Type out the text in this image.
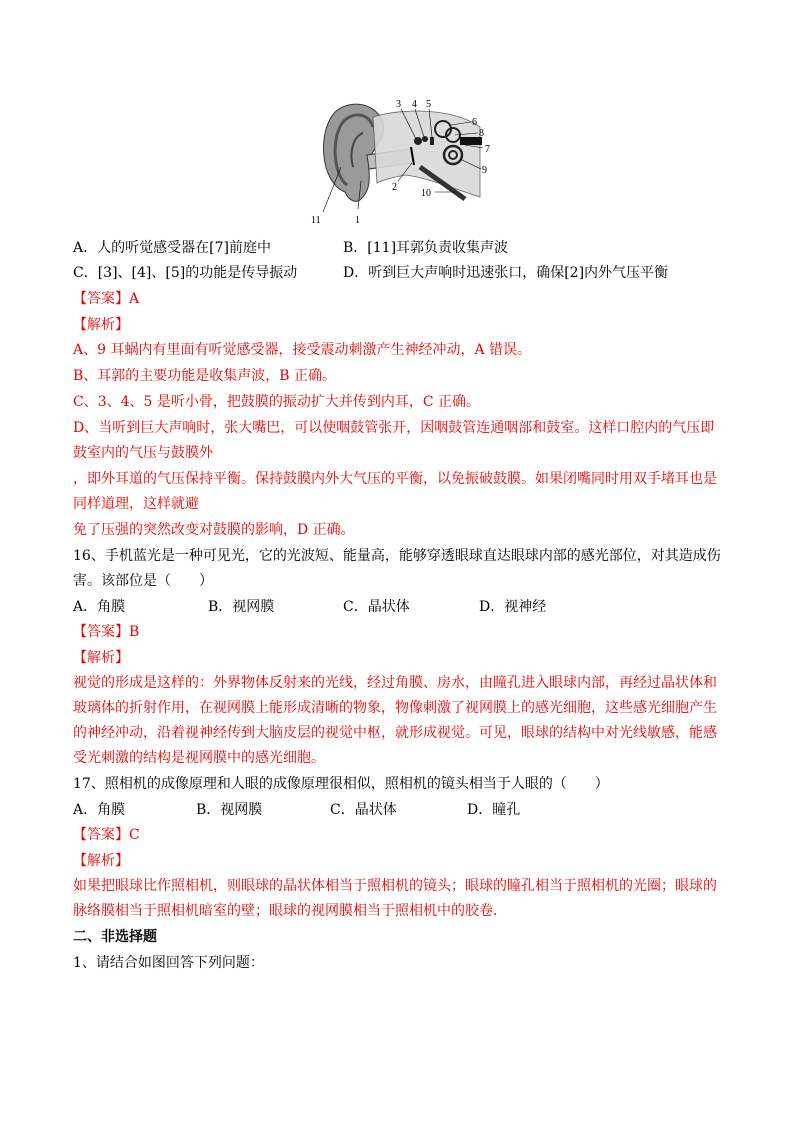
3 4 5
6
8
7
9
2
10
11	1
A．人的听觉感受器在[7]前庭中	B．[11]耳郭负责收集声波
C．[3]、[4]、[5]的功能是传导振动	D．听到巨大声响时迅速张口，确保[2]内外气压平衡
【答案】A
【解析】
A、9 耳蜗内有里面有听觉感受器，接受震动刺激产生神经冲动，A 错误。
B、耳郭的主要功能是收集声波，B 正确。
C、3、4、5 是听小骨，把鼓膜的振动扩大并传到内耳，C 正确。
D、当听到巨大声响时，张大嘴巴，可以使咽鼓管张开，因咽鼓管连通咽部和鼓室。这样口腔内的气压即
鼓室内的气压与鼓膜外
，即外耳道的气压保持平衡。保持鼓膜内外大气压的平衡，以免振破鼓膜。如果闭嘴同时用双手堵耳也是
同样道理，这样就避
免了压强的突然改变对鼓膜的影响，D 正确。
16、手机蓝光是一种可见光，它的光波短、能量高，能够穿透眼球直达眼球内部的感光部位，对其造成伤
害。该部位是（　　）
A．角膜	B．视网膜	C．晶状体	D．视神经
【答案】B
【解析】
视觉的形成是这样的：外界物体反射来的光线，经过角膜、房水，由瞳孔进入眼球内部，再经过晶状体和
玻璃体的折射作用，在视网膜上能形成清晰的物象，物像刺激了视网膜上的感光细胞，这些感光细胞产生
的神经冲动，沿着视神经传到大脑皮层的视觉中枢，就形成视觉。可见，眼球的结构中对光线敏感，能感
受光刺激的结构是视网膜中的感光细胞。
17、照相机的成像原理和人眼的成像原理很相似，照相机的镜头相当于人眼的（　　）
A．角膜	B．视网膜	C．晶状体	D．瞳孔
【答案】C
【解析】
如果把眼球比作照相机，则眼球的晶状体相当于照相机的镜头；眼球的瞳孔相当于照相机的光圈；眼球的
脉络膜相当于照相机暗室的壁；眼球的视网膜相当于照相机中的胶卷.
二、非选择题
1、请结合如图回答下列问题：
